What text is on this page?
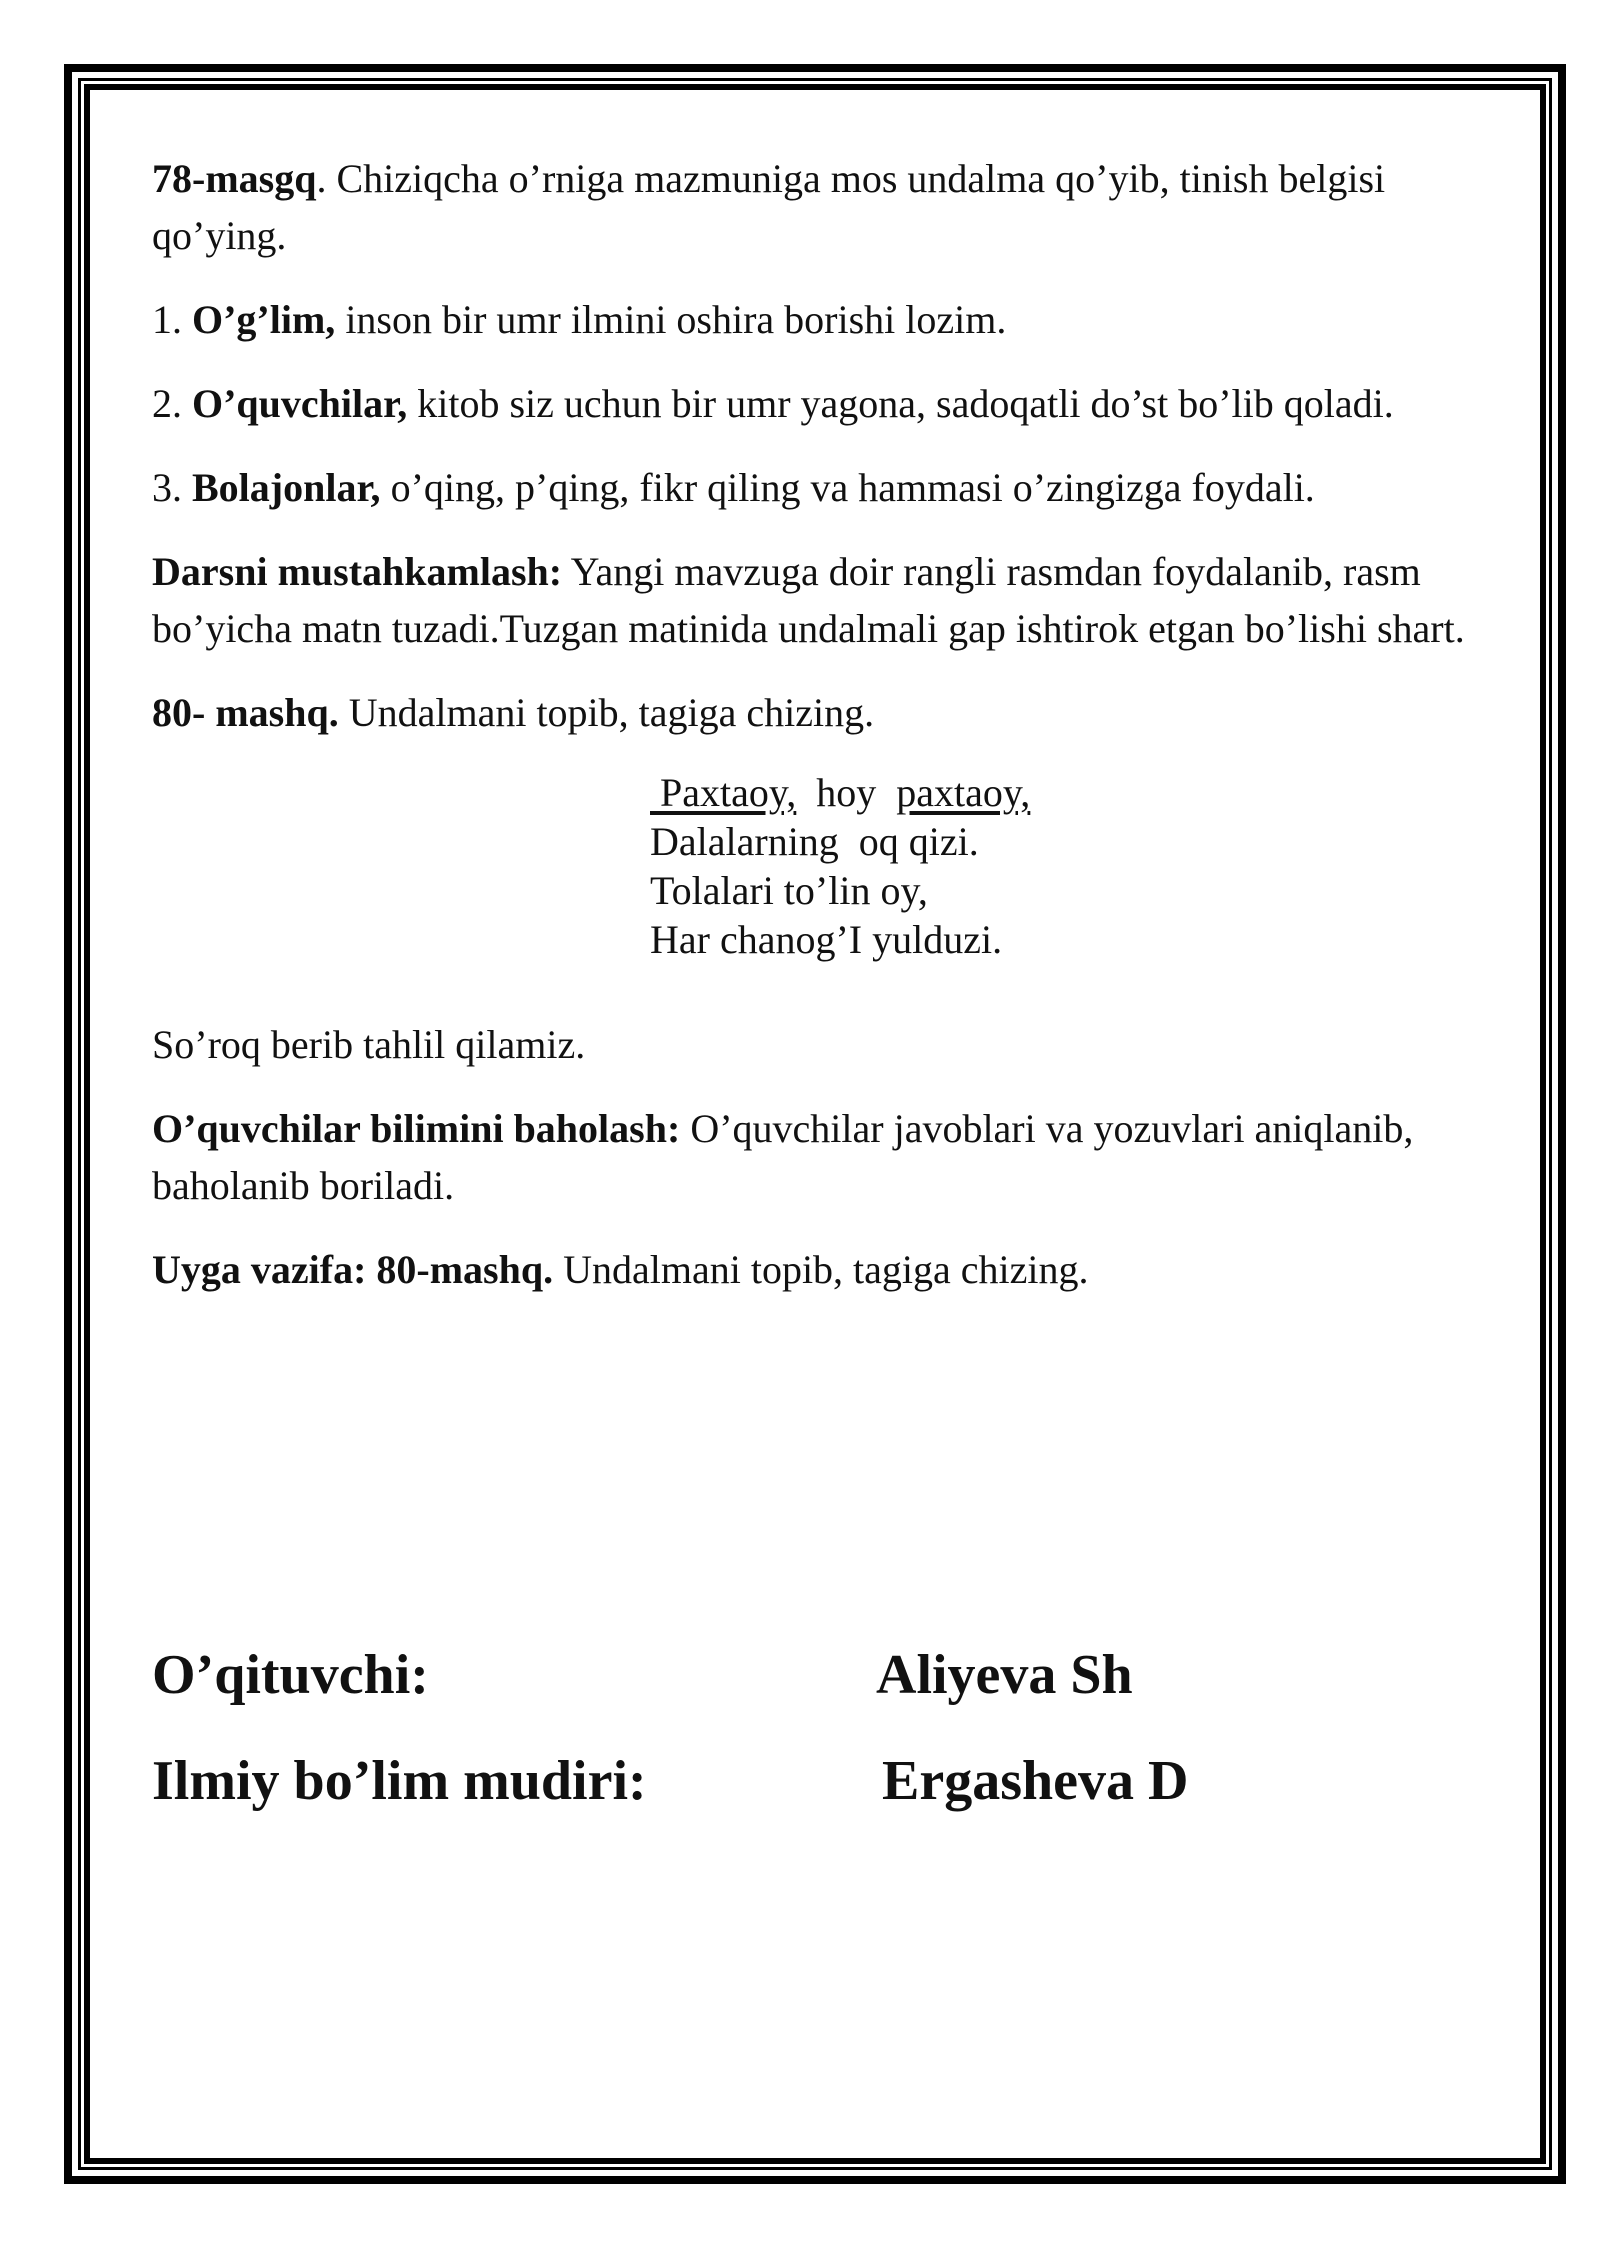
78-masgq. Chiziqcha o’rniga mazmuniga mos undalma qo’yib, tinish belgisi qo’ying.

1. O’g’lim, inson bir umr ilmini oshira borishi lozim.

2. O’quvchilar, kitob siz uchun bir umr yagona, sadoqatli do’st bo’lib qoladi.

3. Bolajonlar, o’qing, p’qing, fikr qiling va hammasi o’zingizga foydali.

Darsni mustahkamlash: Yangi mavzuga doir rangli rasmdan foydalanib, rasm bo’yicha matn tuzadi.Tuzgan matinida undalmali gap ishtirok etgan bo’lishi shart.

80- mashq. Undalmani topib, tagiga chizing.

Paxtaoy,  hoy  paxtaoy,
Dalalarning  oq qizi.
Tolalari to’lin oy,
Har chanog’I yulduzi.

So’roq berib tahlil qilamiz.

O’quvchilar bilimini baholash: O’quvchilar javoblari va yozuvlari aniqlanib, baholanib boriladi.

Uyga vazifa: 80-mashq. Undalmani topib, tagiga chizing.

O’qituvchi:	Aliyeva Sh
Ilmiy bo’lim mudiri:	Ergasheva D
